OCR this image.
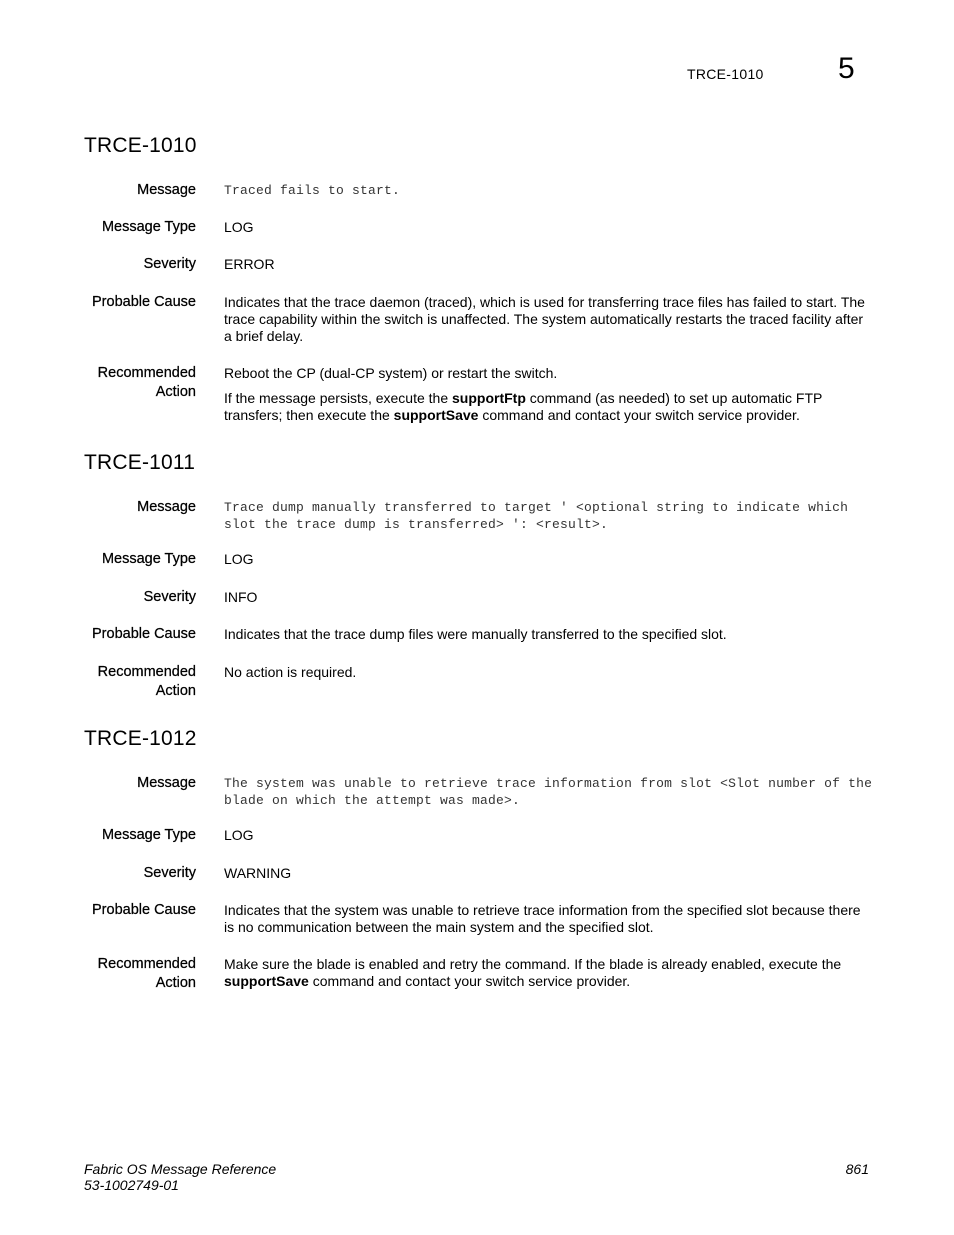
TRCE-1010 5
TRCE-1010
Message Traced fails to start.
Message Type LOG
Severity ERROR
Probable Cause Indicates that the trace daemon (traced), which is used for transferring trace files has failed to start. The trace capability within the switch is unaffected. The system automatically restarts the traced facility after a brief delay.
Recommended
Action
Reboot the CP (dual-CP system) or restart the switch.
If the message persists, execute the supportFtp command (as needed) to set up automatic FTP transfers; then execute the supportSave command and contact your switch service provider.
TRCE-1011
Message Trace dump manually transferred to target ' <optional string to indicate which
slot the trace dump is transferred> ': <result>.
Message Type LOG
Severity INFO
Probable Cause Indicates that the trace dump files were manually transferred to the specified slot.
Recommended
Action
No action is required.
TRCE-1012
Message The system was unable to retrieve trace information from slot <Slot number of the
blade on which the attempt was made>.
Message Type LOG
Severity WARNING
Probable Cause Indicates that the system was unable to retrieve trace information from the specified slot because there is no communication between the main system and the specified slot.
Recommended
Action
Make sure the blade is enabled and retry the command. If the blade is already enabled, execute the supportSave command and contact your switch service provider.
Fabric OS Message Reference
53-1002749-01
861
